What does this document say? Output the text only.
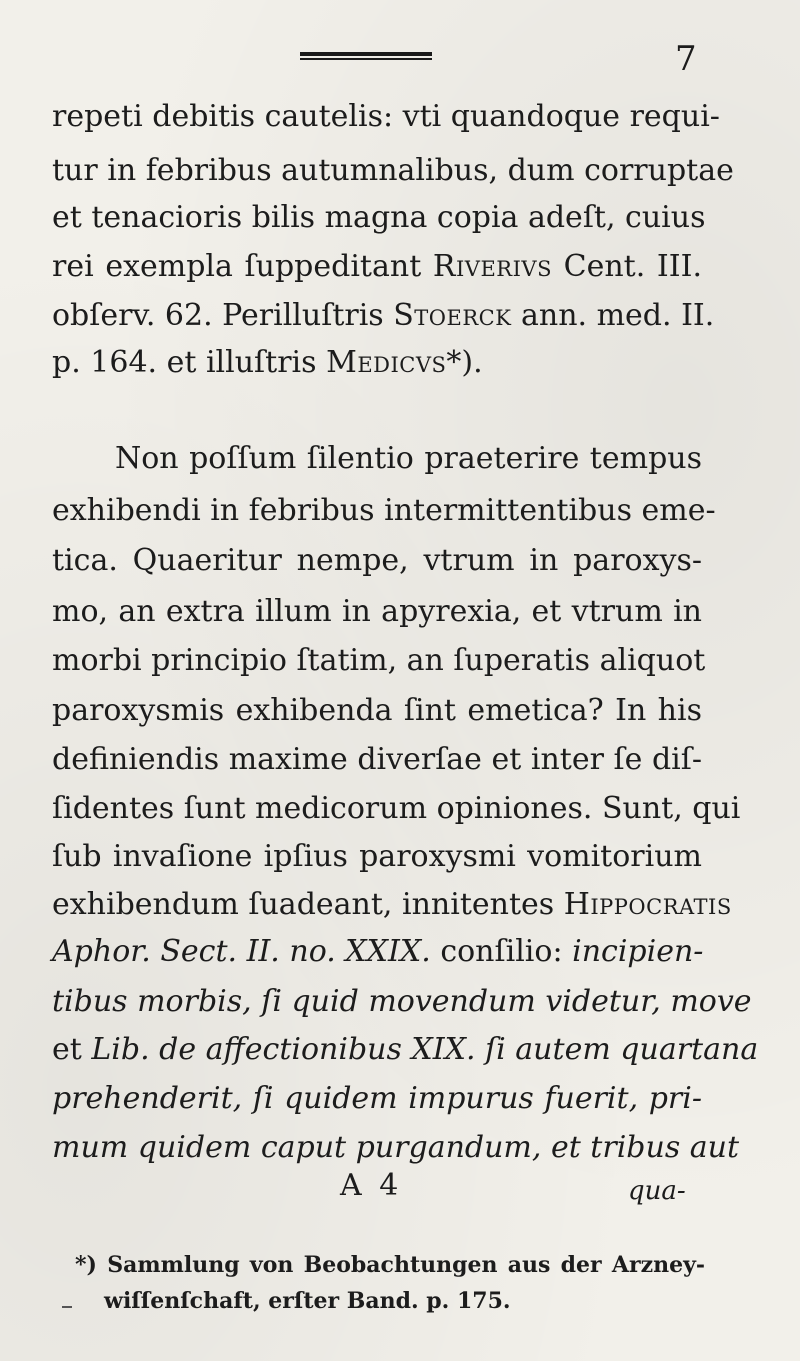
7
repeti debitis cautelis: vti quandoque requi-
tur in febribus autumnalibus, dum corruptae
et tenacioris bilis magna copia adeſt, cuius
rei exempla ſuppeditant Riverivs Cent. III.
obſerv. 62. Perilluſtris Stoerck ann. med. II.
p. 164. et illuſtris Medicvs*).
Non poſſum ſilentio praeterire tempus
exhibendi in febribus intermittentibus eme-
tica. Quaeritur nempe, vtrum in paroxys-
mo, an extra illum in apyrexia, et vtrum in
morbi principio ſtatim, an ſuperatis aliquot
paroxysmis exhibenda ſint emetica? In his
definiendis maxime diverſae et inter ſe diſ-
ſidentes ſunt medicorum opiniones. Sunt, qui
ſub invaſione ipſius paroxysmi vomitorium
exhibendum ſuadeant, innitentes Hippocratis
Aphor. Sect. II. no. XXIX. conſilio: incipien-
tibus morbis, ſi quid movendum videtur, move
et Lib. de affectionibus XIX. ſi autem quartana
prehenderit, ſi quidem impurus fuerit, pri-
mum quidem caput purgandum, et tribus aut
A 4	qua-
*) Sammlung von Beobachtungen aus der Arzney-
wiſſenſchaft, erſter Band. p. 175.
